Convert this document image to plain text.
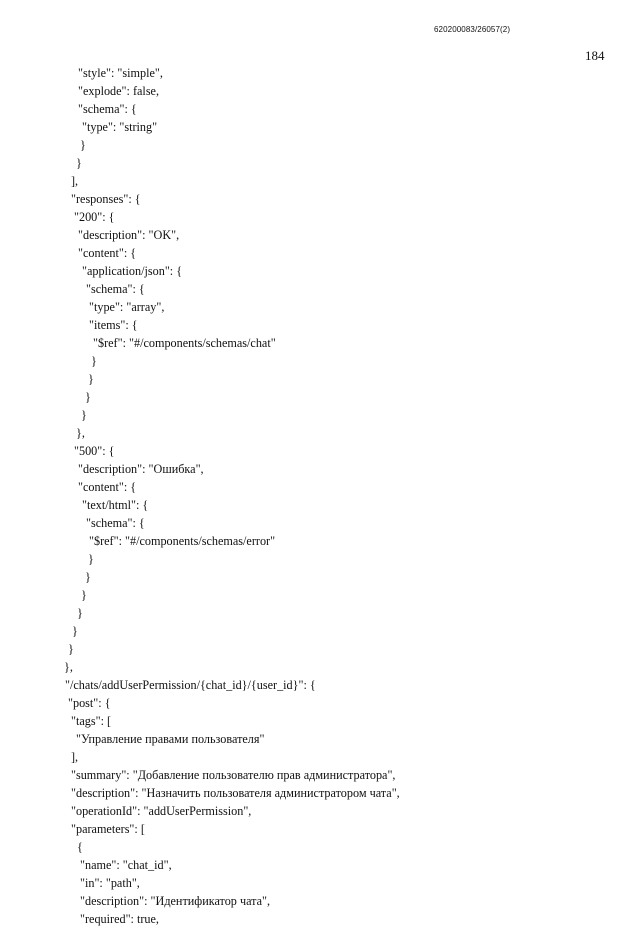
620200083/26057(2)
184
"style": "simple",
"explode": false,
"schema": {
"type": "string"
}
}
],
"responses": {
"200": {
"description": "OK",
"content": {
"application/json": {
"schema": {
"type": "array",
"items": {
"$ref": "#/components/schemas/chat"
}
}
}
}
},
"500": {
"description": "Ошибка",
"content": {
"text/html": {
"schema": {
"$ref": "#/components/schemas/error"
}
}
}
}
}
}
},
"/chats/addUserPermission/{chat_id}/{user_id}": {
"post": {
"tags": [
"Управление правами пользователя"
],
"summary": "Добавление пользователю прав администратора",
"description": "Назначить пользователя администратором чата",
"operationId": "addUserPermission",
"parameters": [
{
"name": "chat_id",
"in": "path",
"description": "Идентификатор чата",
"required": true,
